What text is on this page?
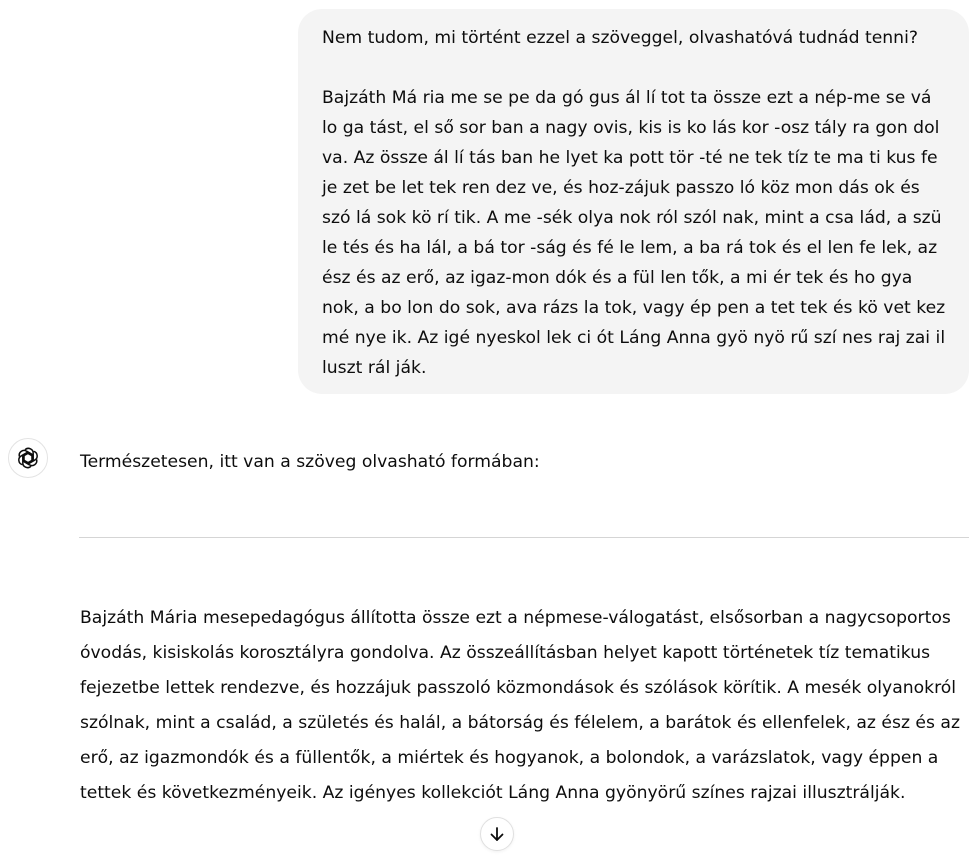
Nem tudom, mi történt ezzel a szöveggel, olvashatóvá tudnád tenni?

Bajzáth Má ria me se pe da gó gus ál lí tot ta össze ezt a nép-me se vá lo ga tást, el ső sor ban a nagy ovis, kis is ko lás kor -osz tály ra gon dol va. Az össze ál lí tás ban he lyet ka pott tör -té ne tek tíz te ma ti kus fe je zet be let tek ren dez ve, és hoz-zájuk passzo ló köz mon dás ok és szó lá sok kö rí tik. A me -sék olya nok ról szól nak, mint a csa lád, a szü le tés és ha lál, a bá tor -ság és fé le lem, a ba rá tok és el len fe lek, az ész és az erő, az igaz-mon dók és a fül len tők, a mi ér tek és ho gya nok, a bo lon do sok, ava rázs la tok, vagy ép pen a tet tek és kö vet kez mé nye ik. Az igé nyeskol lek ci ót Láng Anna gyö nyö rű szí nes raj zai il luszt rál ják.

Természetesen, itt van a szöveg olvasható formában:

Bajzáth Mária mesepedagógus állította össze ezt a népmese-válogatást, elsősorban a nagycsoportos óvodás, kisiskolás korosztályra gondolva. Az összeállításban helyet kapott történetek tíz tematikus fejezetbe lettek rendezve, és hozzájuk passzoló közmondások és szólások körítik. A mesék olyanokról szólnak, mint a család, a születés és halál, a bátorság és félelem, a barátok és ellenfelek, az ész és az erő, az igazmondók és a füllentők, a miértek és hogyanok, a bolondok, a varázslatok, vagy éppen a tettek és következményeik. Az igényes kollekciót Láng Anna gyönyörű színes rajzai illusztrálják.
